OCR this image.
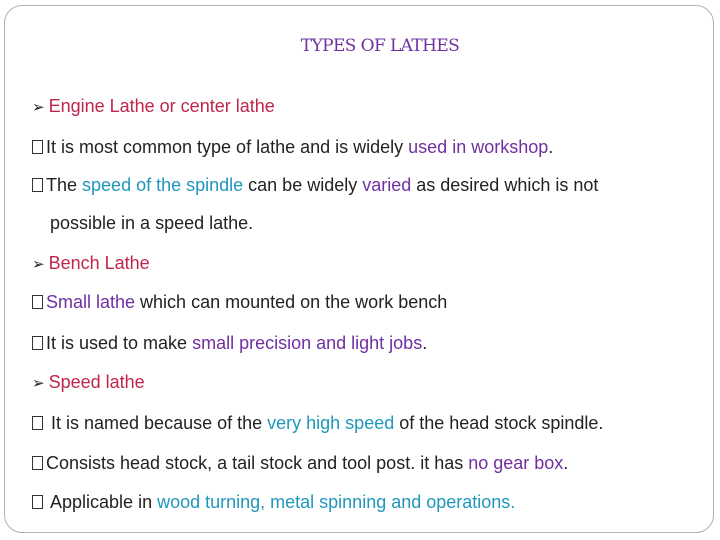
TYPES OF LATHES
➢ Engine Lathe or center lathe
It is most common type of lathe and is widely used in workshop.
The speed of the spindle can be widely varied as desired which is not
possible in a speed lathe.
➢ Bench Lathe
Small lathe which can mounted on the work bench
It is used to make small precision and light jobs.
➢ Speed lathe
It is named because of the very high speed of the head stock spindle.
Consists head stock, a tail stock and tool post. it has no gear box.
Applicable in wood turning, metal spinning and operations.
